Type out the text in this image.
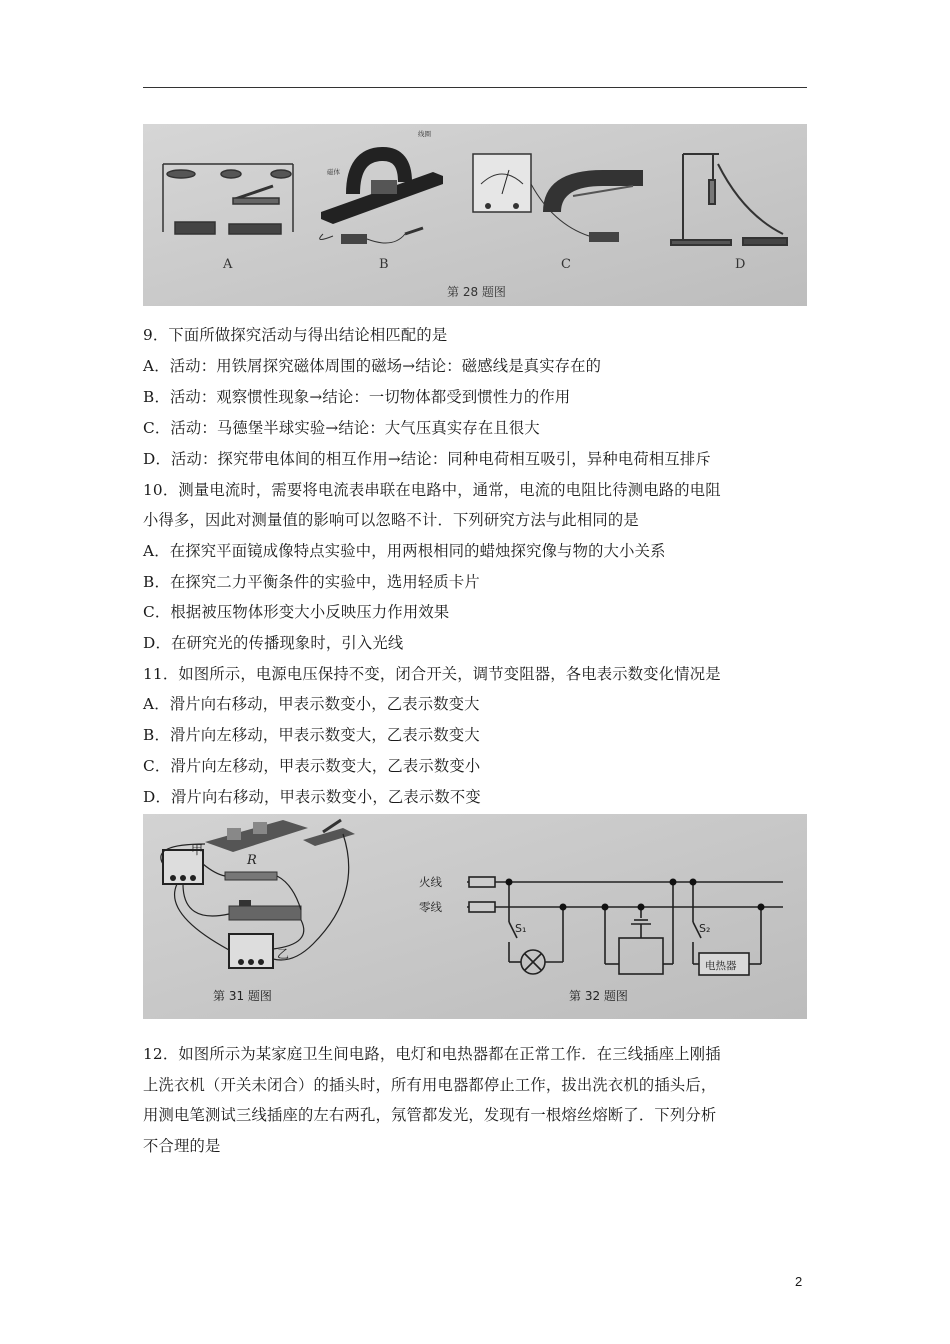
线圈
磁体
A	B	C	D
第 28 题图
9．下面所做探究活动与得出结论相匹配的是
A．活动：用铁屑探究磁体周围的磁场→结论：磁感线是真实存在的
B．活动：观察惯性现象→结论：一切物体都受到惯性力的作用
C．活动：马德堡半球实验→结论：大气压真实存在且很大
D．活动：探究带电体间的相互作用→结论：同种电荷相互吸引，异种电荷相互排斥
10．测量电流时，需要将电流表串联在电路中，通常，电流的电阻比待测电路的电阻
小得多，因此对测量值的影响可以忽略不计．下列研究方法与此相同的是
A．在探究平面镜成像特点实验中，用两根相同的蜡烛探究像与物的大小关系
B．在探究二力平衡条件的实验中，选用轻质卡片
C．根据被压物体形变大小反映压力作用效果
D．在研究光的传播现象时，引入光线
11．如图所示，电源电压保持不变，闭合开关，调节变阻器，各电表示数变化情况是
A．滑片向右移动，甲表示数变小，乙表示数变大
B．滑片向左移动，甲表示数变大，乙表示数变大
C．滑片向左移动，甲表示数变大，乙表示数变小
D．滑片向右移动，甲表示数变小，乙表示数不变
甲
乙
R
第 31 题图
火线
零线
S₁	S₂
电热器
第 32 题图
12．如图所示为某家庭卫生间电路，电灯和电热器都在正常工作．在三线插座上刚插
上洗衣机（开关未闭合）的插头时，所有用电器都停止工作，拔出洗衣机的插头后，
用测电笔测试三线插座的左右两孔，氖管都发光，发现有一根熔丝熔断了．下列分析
不合理的是
2
